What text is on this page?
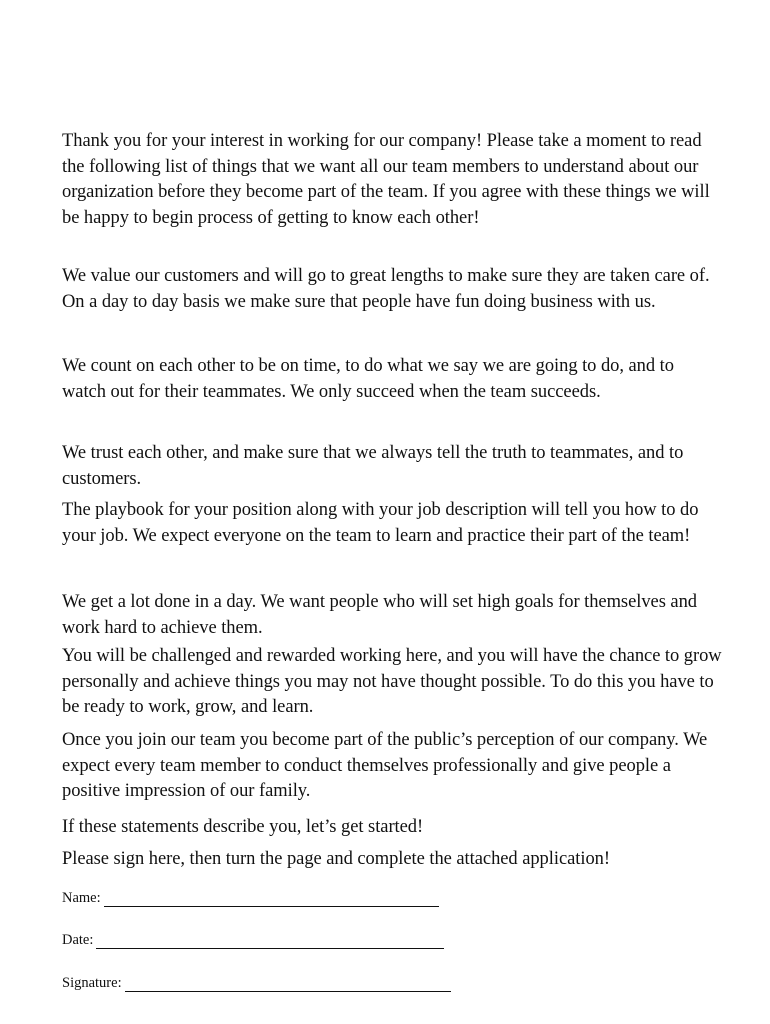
Thank you for your interest in working for our company! Please take a moment to read the following list of things that we want all our team members to understand about our organization before they become part of the team. If you agree with these things we will be happy to begin process of getting to know each other!

We value our customers and will go to great lengths to make sure they are taken care of. On a day to day basis we make sure that people have fun doing business with us.

We count on each other to be on time, to do what we say we are going to do, and to watch out for their teammates. We only succeed when the team succeeds.

We trust each other, and make sure that we always tell the truth to teammates, and to customers.

The playbook for your position along with your job description will tell you how to do your job. We expect everyone on the team to learn and practice their part of the team!

We get a lot done in a day. We want people who will set high goals for themselves and work hard to achieve them.

You will be challenged and rewarded working here, and you will have the chance to grow personally and achieve things you may not have thought possible. To do this you have to be ready to work, grow, and learn.

Once you join our team you become part of the public’s perception of our company. We expect every team member to conduct themselves professionally and give people a positive impression of our family.

If these statements describe you, let’s get started!

Please sign here, then turn the page and complete the attached application!

Name:
Date:
Signature:
